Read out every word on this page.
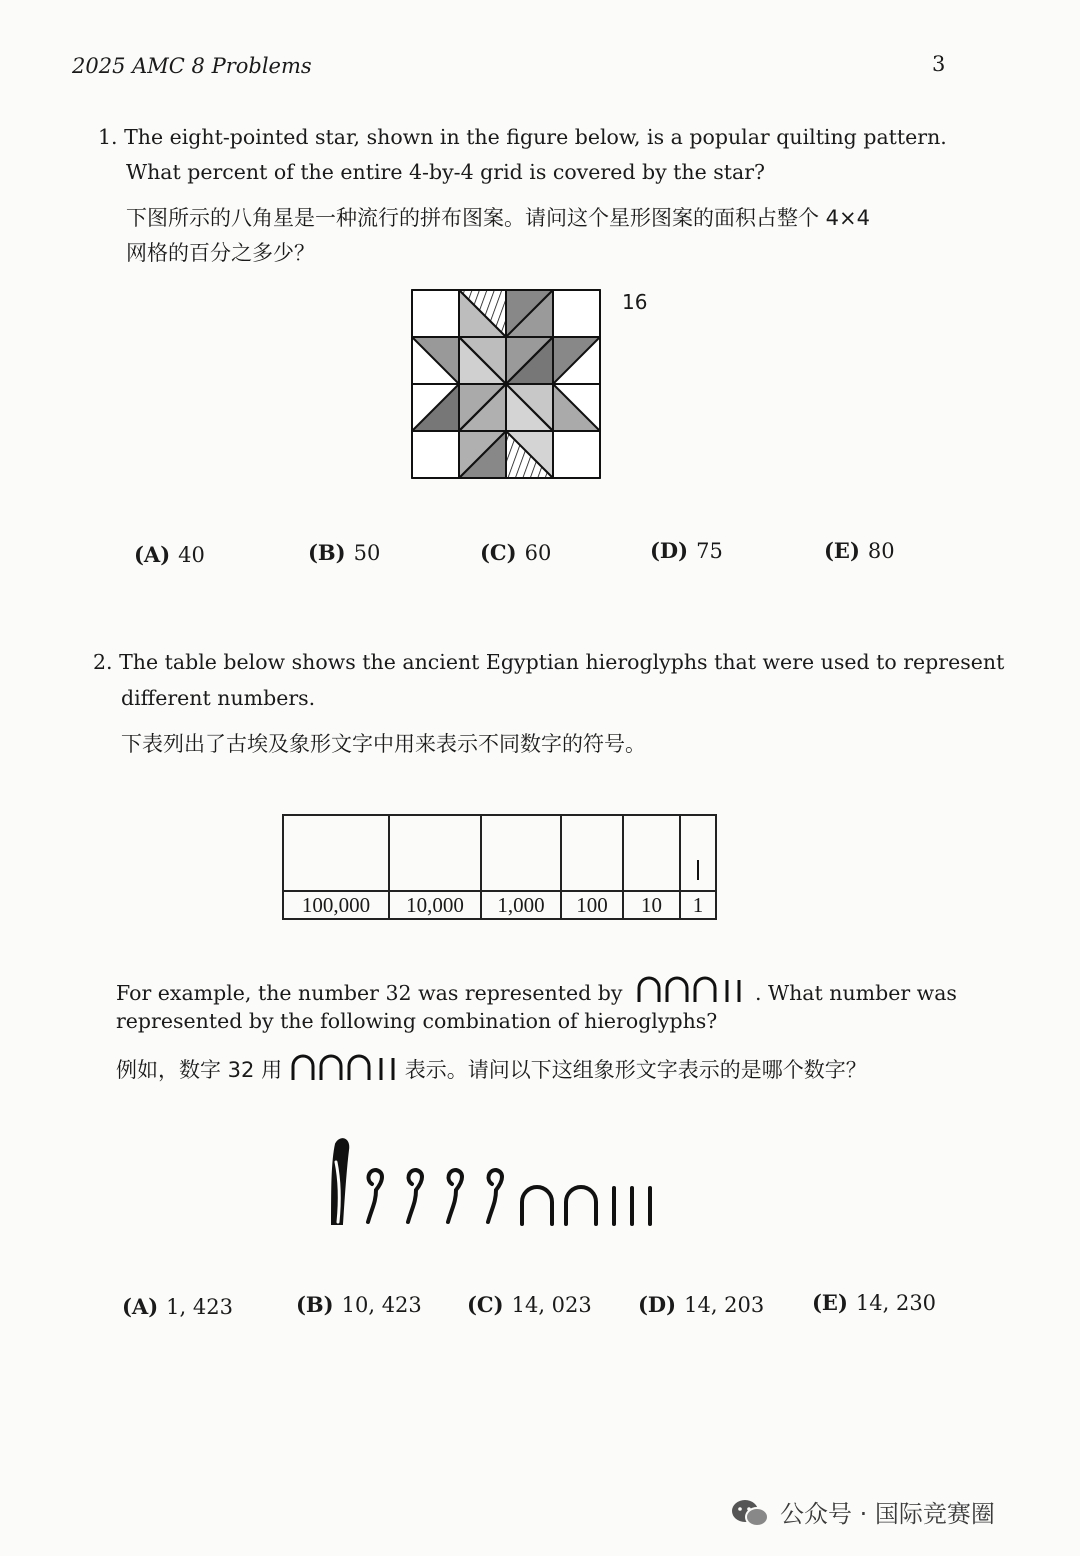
2025 AMC 8 Problems	3
1. The eight-pointed star, shown in the figure below, is a popular quilting pattern.
What percent of the entire 4-by-4 grid is covered by the star?
下图所示的八角星是一种流行的拼布图案。请问这个星形图案的面积占整个 4×4
网格的百分之多少？
16
(A) 40	(B) 50	(C) 60	(D) 75	(E) 80
2. The table below shows the ancient Egyptian hieroglyphs that were used to represent
different numbers.
下表列出了古埃及象形文字中用来表示不同数字的符号。

100,000	10,000	1,000	100	10	1
For example, the number 32 was represented by	. What number was
represented by the following combination of hieroglyphs?
例如，数字 32 用	表示。请问以下这组象形文字表示的是哪个数字？
(A) 1, 423	(B) 10, 423 (C) 14, 023 (D) 14, 203 (E) 14, 230
公众号 · 国际竞赛圈
